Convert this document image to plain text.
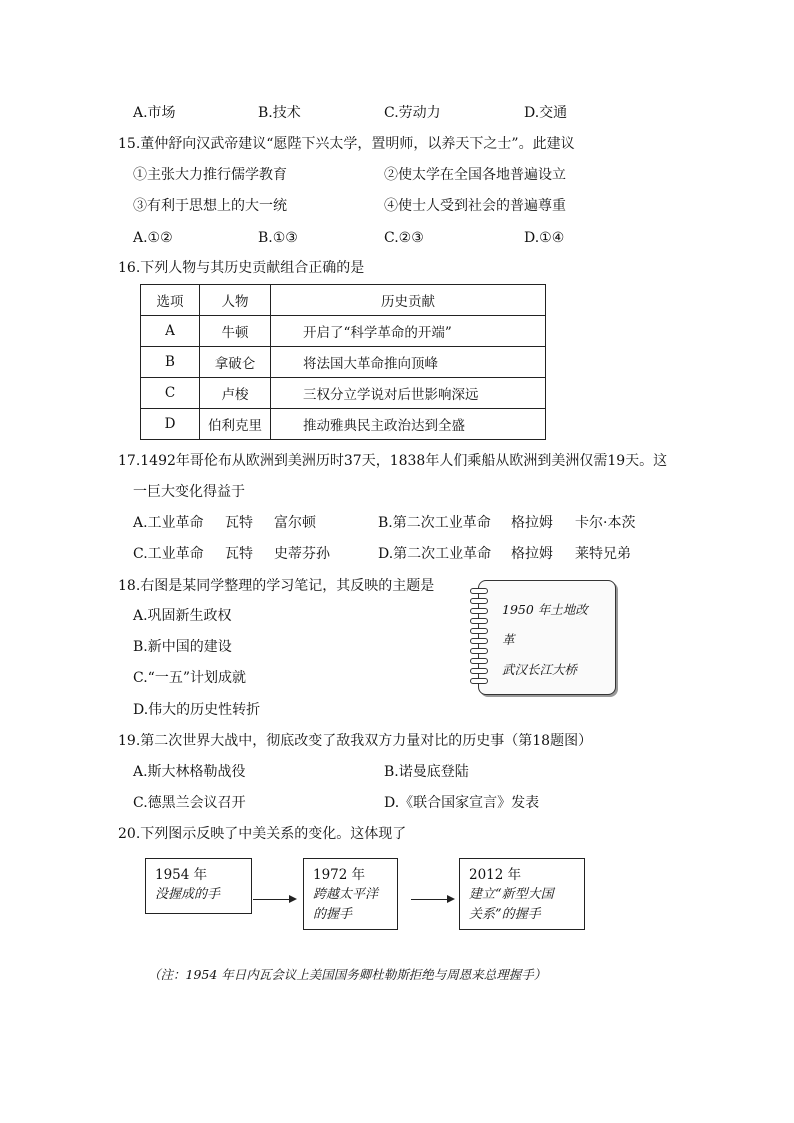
A.市场	B.技术	C.劳动力	D.交通
15.董仲舒向汉武帝建议“愿陛下兴太学，置明师，以养天下之士”。此建议
①主张大力推行儒学教育	②使太学在全国各地普遍设立
③有利于思想上的大一统	④使士人受到社会的普遍尊重
A.①②	B.①③	C.②③	D.①④
16.下列人物与其历史贡献组合正确的是
选项	人物	历史贡献
A	牛顿	开启了“科学革命的开端”
B	拿破仑	将法国大革命推向顶峰
C	卢梭	三权分立学说对后世影响深远
D	伯利克里	推动雅典民主政治达到全盛
17.1492年哥伦布从欧洲到美洲历时37天，1838年人们乘船从欧洲到美洲仅需19天。这
一巨大变化得益于
A.工业革命 瓦特 富尔顿	B.第二次工业革命 格拉姆 卡尔·本茨
C.工业革命 瓦特 史蒂芬孙	D.第二次工业革命 格拉姆 莱特兄弟
18.右图是某同学整理的学习笔记，其反映的主题是
A.巩固新生政权
B.新中国的建设
C.“一五”计划成就
D.伟大的历史性转折
1950 年土地改
革
武汉长江大桥
19.第二次世界大战中，彻底改变了敌我双方力量对比的历史事（第18题图）
A.斯大林格勒战役	B.诺曼底登陆
C.德黑兰会议召开	D.《联合国家宣言》发表
20.下列图示反映了中美关系的变化。这体现了
1954 年
没握成的手
1972 年
跨越太平洋
的握手
2012 年
建立“新型大国
关系”的握手
（注：1954 年日内瓦会议上美国国务卿杜勒斯拒绝与周恩来总理握手）
